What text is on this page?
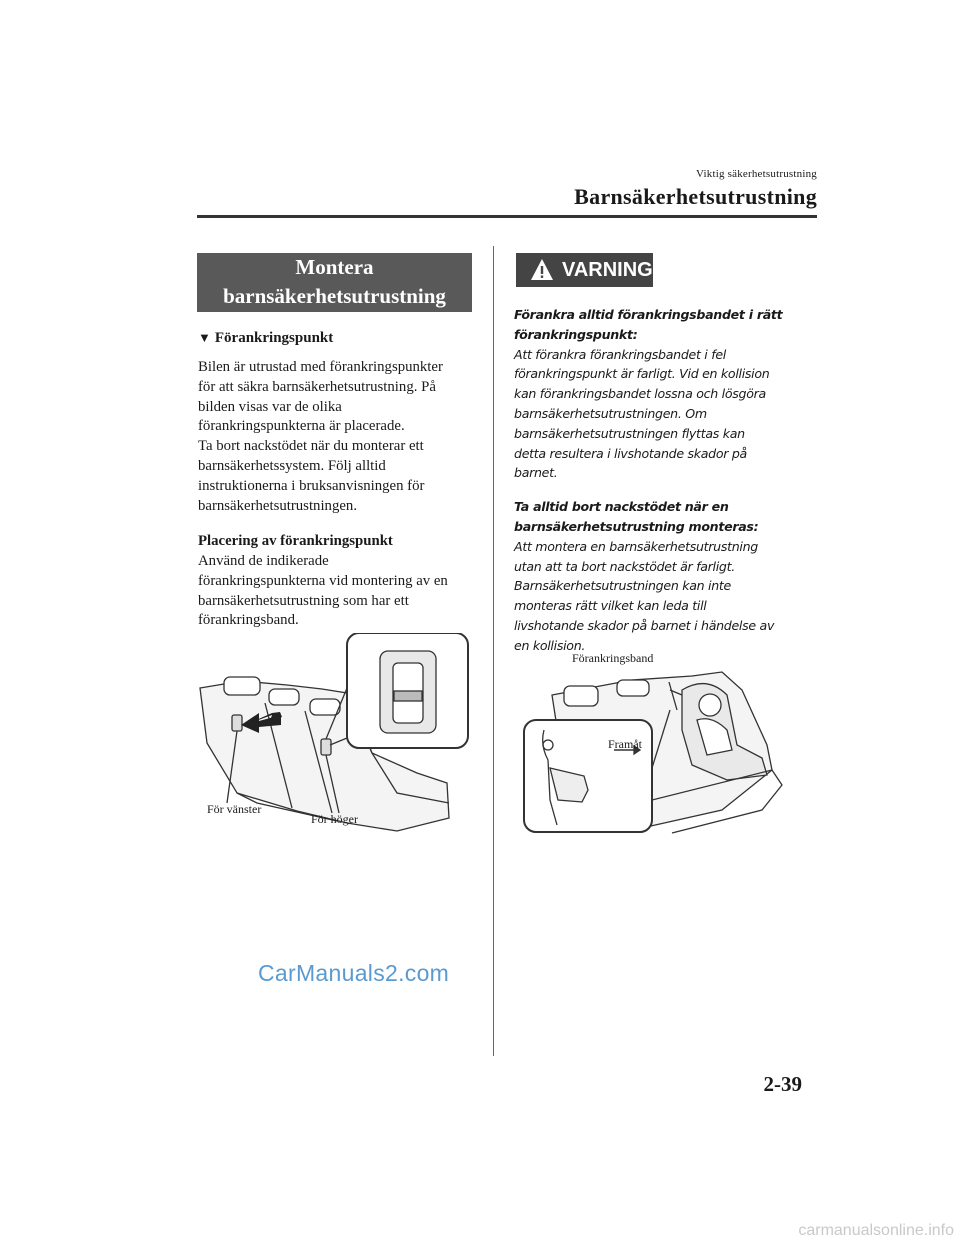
Viktig säkerhetsutrustning
Barnsäkerhetsutrustning
Montera
barnsäkerhetsutrustning
▼ Förankringspunkt
Bilen är utrustad med förankringspunkter
för att säkra barnsäkerhetsutrustning. På
bilden visas var de olika
förankringspunkterna är placerade.
Ta bort nackstödet när du monterar ett
barnsäkerhetssystem. Följ alltid
instruktionerna i bruksanvisningen för
barnsäkerhetsutrustningen.
Placering av förankringspunkt
Använd de indikerade
förankringspunkterna vid montering av en
barnsäkerhetsutrustning som har ett
förankringsband.
För vänster
För höger
VARNING
Förankra alltid förankringsbandet i rätt
förankringspunkt:
Att förankra förankringsbandet i fel
förankringspunkt är farligt. Vid en kollision
kan förankringsbandet lossna och lösgöra
barnsäkerhetsutrustningen. Om
barnsäkerhetsutrustningen flyttas kan
detta resultera i livshotande skador på
barnet.
Ta alltid bort nackstödet när en
barnsäkerhetsutrustning monteras:
Att montera en barnsäkerhetsutrustning
utan att ta bort nackstödet är farligt.
Barnsäkerhetsutrustningen kan inte
monteras rätt vilket kan leda till
livshotande skador på barnet i händelse av
en kollision.
Förankringsband
Framåt
CarManuals2.com
2-39
carmanualsonline.info
